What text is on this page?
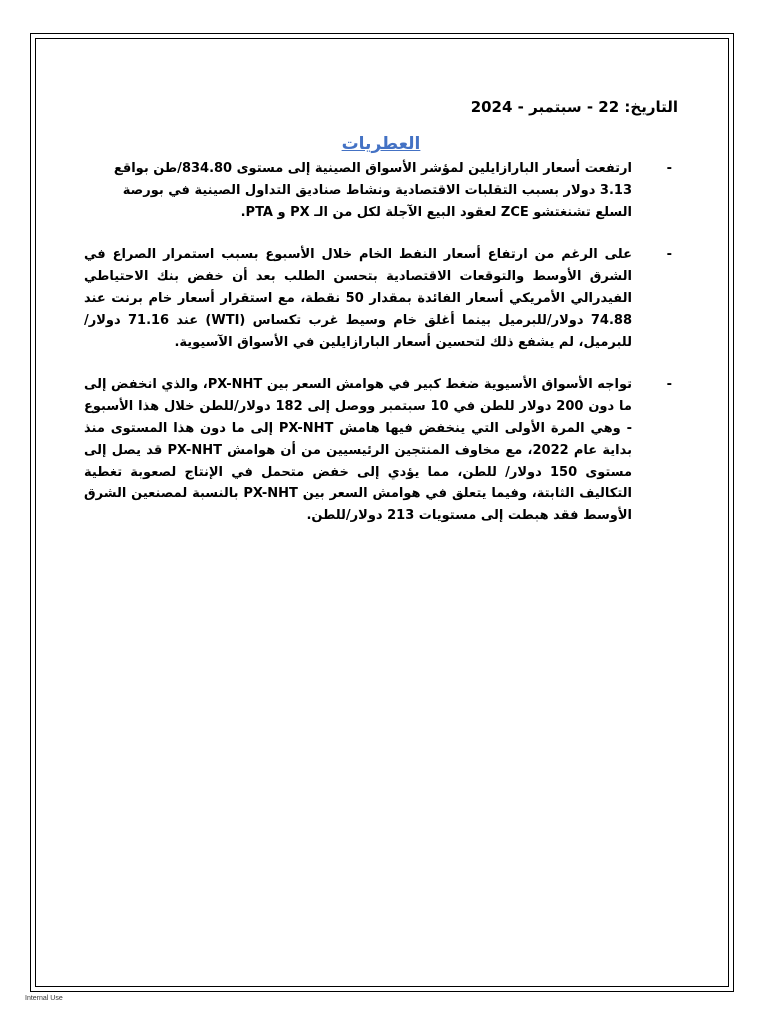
التاريخ: 22 - سبتمبر - 2024
العطريات
-
ارتفعت أسعار البارازايلين لمؤشر الأسواق الصينية إلى مستوى 834.80/طن بواقع 3.13 دولار بسبب التقلبات الاقتصادية ونشاط صناديق التداول الصينية في بورصة السلع تشنغتشو ZCE لعقود البيع الآجلة لكل من الـ PX و PTA.
-
على الرغم من ارتفاع أسعار النفط الخام خلال الأسبوع بسبب استمرار الصراع في الشرق الأوسط والتوقعات الاقتصادية بتحسن الطلب بعد أن خفض بنك الاحتياطي الفيدرالي الأمريكي أسعار الفائدة بمقدار 50 نقطة، مع استقرار أسعار خام برنت عند 74.88 دولار/للبرميل بينما أغلق خام وسيط غرب تكساس (WTI) عند 71.16 دولار/للبرميل، لم يشفع ذلك لتحسين أسعار البارازايلين في الأسواق الآسيوية.
-
تواجه الأسواق الأسيوية ضغط كبير في هوامش السعر بين PX-NHT، والذي انخفض إلى ما دون 200 دولار للطن في 10 سبتمبر ووصل إلى 182 دولار/للطن خلال هذا الأسبوع - وهي المرة الأولى التي ينخفض فيها هامش PX-NHT إلى ما دون هذا المستوى منذ بداية عام 2022، مع مخاوف المنتجين الرئيسيين من أن هوامش PX-NHT قد يصل إلى مستوى 150 دولار/ للطن، مما يؤدي إلى خفض متحمل في الإنتاج لصعوبة تغطية التكاليف الثابتة، وفيما يتعلق في هوامش السعر بين PX-NHT بالنسبة لمصنعين الشرق الأوسط فقد هبطت إلى مستويات 213 دولار/للطن.
Internal Use
